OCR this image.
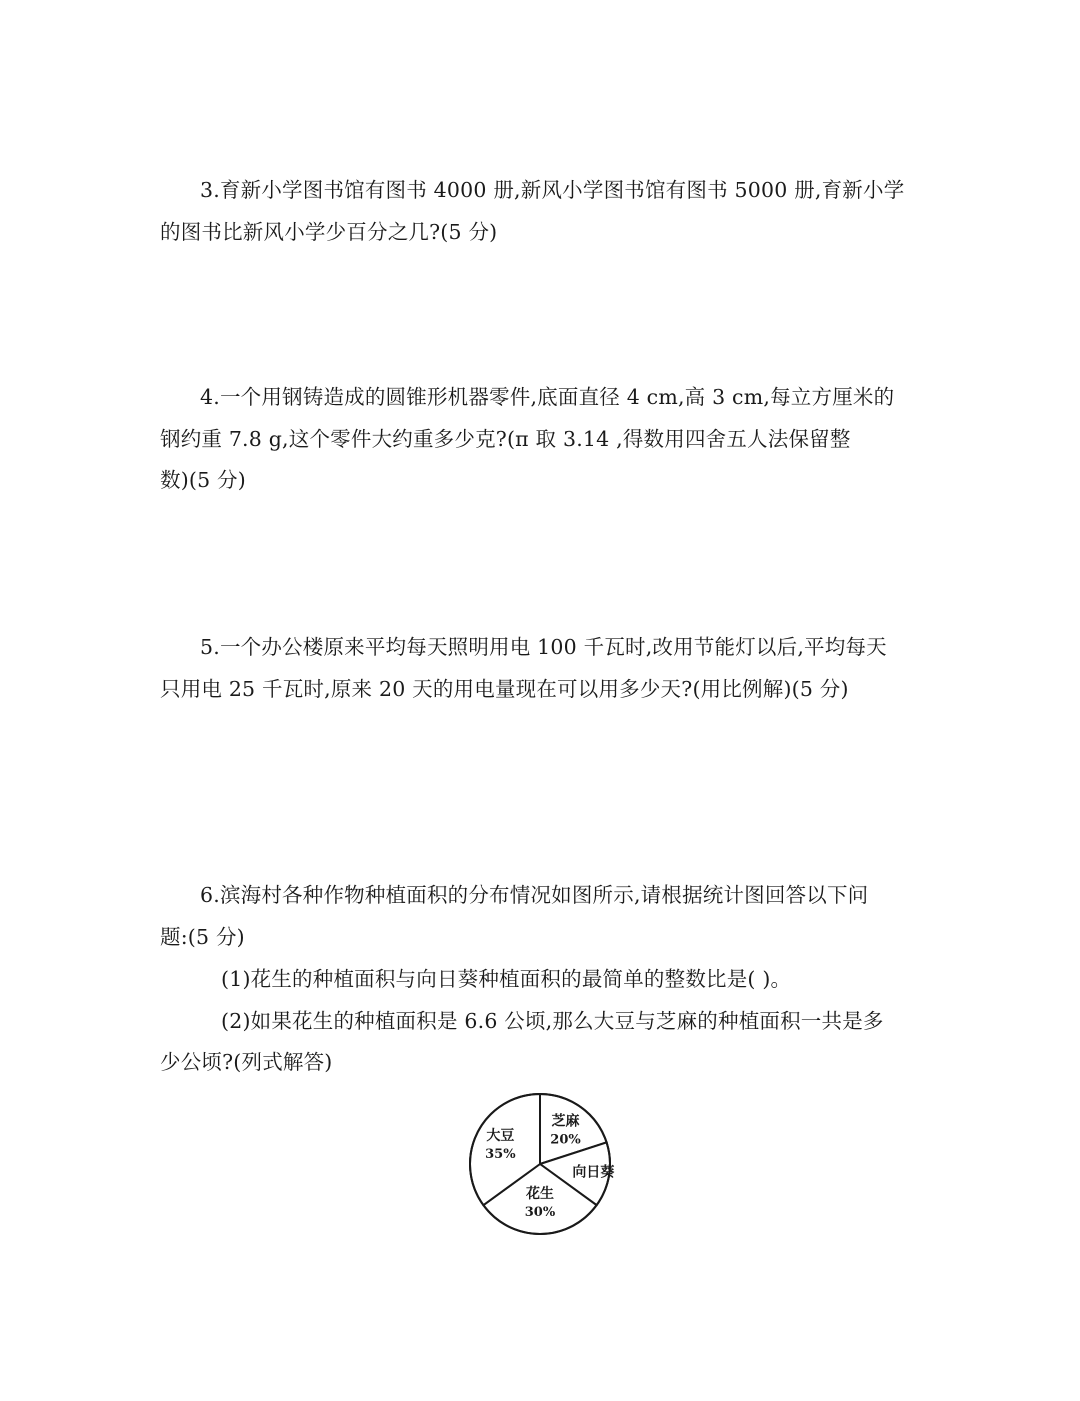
3.育新小学图书馆有图书 4000 册,新风小学图书馆有图书 5000 册,育新小学
的图书比新风小学少百分之几?(5 分)
4.一个用钢铸造成的圆锥形机器零件,底面直径 4 cm,高 3 cm,每立方厘米的
钢约重 7.8 g,这个零件大约重多少克?(π 取 3.14 ,得数用四舍五人法保留整
数)(5 分)
5.一个办公楼原来平均每天照明用电 100 千瓦时,改用节能灯以后,平均每天
只用电 25 千瓦时,原来 20 天的用电量现在可以用多少天?(用比例解)(5 分)
6.滨海村各种作物种植面积的分布情况如图所示,请根据统计图回答以下问
题:(5 分)
(1)花生的种植面积与向日葵种植面积的最简单的整数比是( )。
(2)如果花生的种植面积是 6.6 公顷,那么大豆与芝麻的种植面积一共是多
少公顷?(列式解答)
芝麻
20%
向日葵
花生
30%
大豆
35%
